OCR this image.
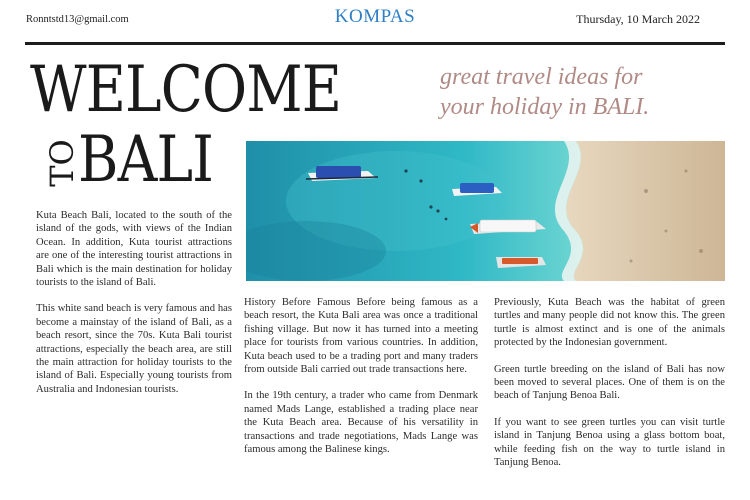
Ronntstd13@gmail.com	KOMPAS	Thursday, 10 March 2022
WELCOME
TO
BALI
great travel ideas for
your holiday in BALI.

Kuta Beach Bali, located to the south of the island of the gods, with views of the Indian Ocean. In addition, Kuta tourist attractions are one of the interesting tourist attractions in Bali which is the main destination for holiday tourists to the island of Bali.

This white sand beach is very famous and has become a mainstay of the island of Bali, as a beach resort, since the 70s. Kuta Bali tourist attractions, especially the beach area, are still the main attraction for holiday tourists to the island of Bali. Especially young tourists from Australia and Indonesian tourists.

History Before Famous Before being famous as a beach resort, the Kuta Bali area was once a traditional fishing village. But now it has turned into a meeting place for tourists from various countries. In addition, Kuta beach used to be a trading port and many traders from outside Bali carried out trade transactions here.

In the 19th century, a trader who came from Denmark named Mads Lange, established a trading place near the Kuta Beach area. Because of his versatility in transactions and trade negotiations, Mads Lange was famous among the Balinese kings.

Previously, Kuta Beach was the habitat of green turtles and many people did not know this. The green turtle is almost extinct and is one of the animals protected by the Indonesian government.

Green turtle breeding on the island of Bali has now been moved to several places. One of them is on the beach of Tanjung Benoa Bali.

If you want to see green turtles you can visit turtle island in Tanjung Benoa using a glass bottom boat, while feeding fish on the way to turtle island in Tanjung Benoa.
